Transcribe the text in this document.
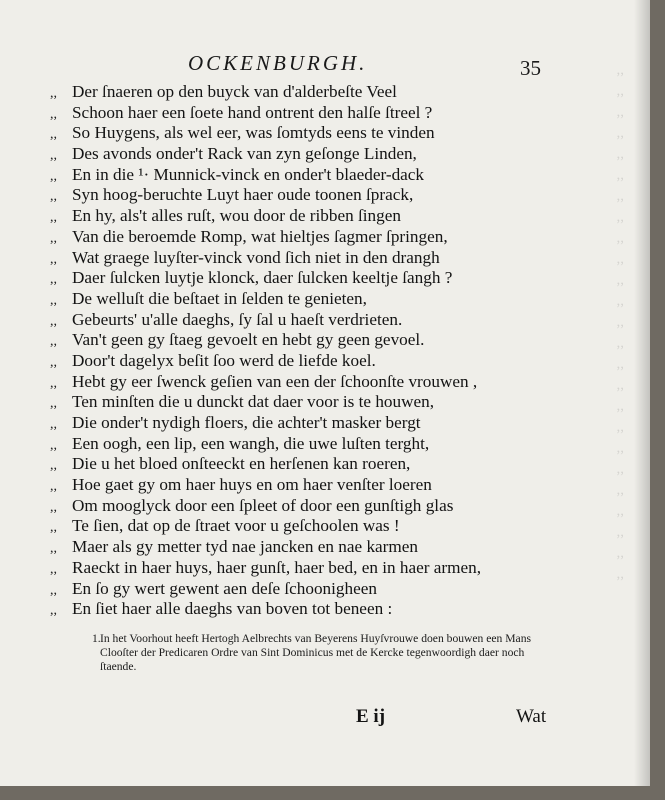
,,
,,
,,
,,
,,
,,
,,
,,
,,
,,
,,
,,
,,
,,
,,
,,
,,
,,
,,
,,
,,
,,
,,
,,
,,
OCKENBURGH.	35
,, Der ſnaeren op den buyck van d'alderbeſte Veel
,, Schoon haer een ſoete hand ontrent den halſe ſtreel ?
,, So Huygens, als wel eer, was ſomtyds eens te vinden
,, Des avonds onder't Rack van zyn geſonge Linden,
,, En in die ¹· Munnick-vinck en onder't blaeder-dack
,, Syn hoog-beruchte Luyt haer oude toonen ſprack,
,, En hy, als't alles ruſt, wou door de ribben ſingen
,, Van die beroemde Romp, wat hieltjes ſagmer ſpringen,
,, Wat graege luyſter-vinck vond ſich niet in den drangh
,, Daer ſulcken luytje klonck, daer ſulcken keeltje ſangh ?
,, De welluſt die beſtaet in ſelden te genieten,
,, Gebeurts' u'alle daeghs, ſy ſal u haeſt verdrieten.
,, Van't geen gy ſtaeg gevoelt en hebt gy geen gevoel.
,, Door't dagelyx beſit ſoo werd de liefde koel.
,, Hebt gy eer ſwenck geſien van een der ſchoonſte vrouwen ,
,, Ten minſten die u dunckt dat daer voor is te houwen,
,, Die onder't nydigh floers, die achter't masker bergt
,, Een oogh, een lip, een wangh, die uwe luſten terght,
,, Die u het bloed onſteeckt en herſenen kan roeren,
,, Hoe gaet gy om haer huys en om haer venſter loeren
,, Om mooglyck door een ſpleet of door een gunſtigh glas
,, Te ſien, dat op de ſtraet voor u geſchoolen was !
,, Maer als gy metter tyd nae jancken en nae karmen
,, Raeckt in haer huys, haer gunſt, haer bed, en in haer armen,
,, En ſo gy wert gewent aen deſe ſchoonigheen
,, En ſiet haer alle daeghs van boven tot beneen :
1. In het Voorhout heeft Hertogh Aelbrechts van Beyerens Huyſvrouwe doen bouwen een Mans Clooſter der Predicaren Ordre van Sint Dominicus met de Kercke tegenwoordigh daer noch ſtaende.
E ij	Wat
